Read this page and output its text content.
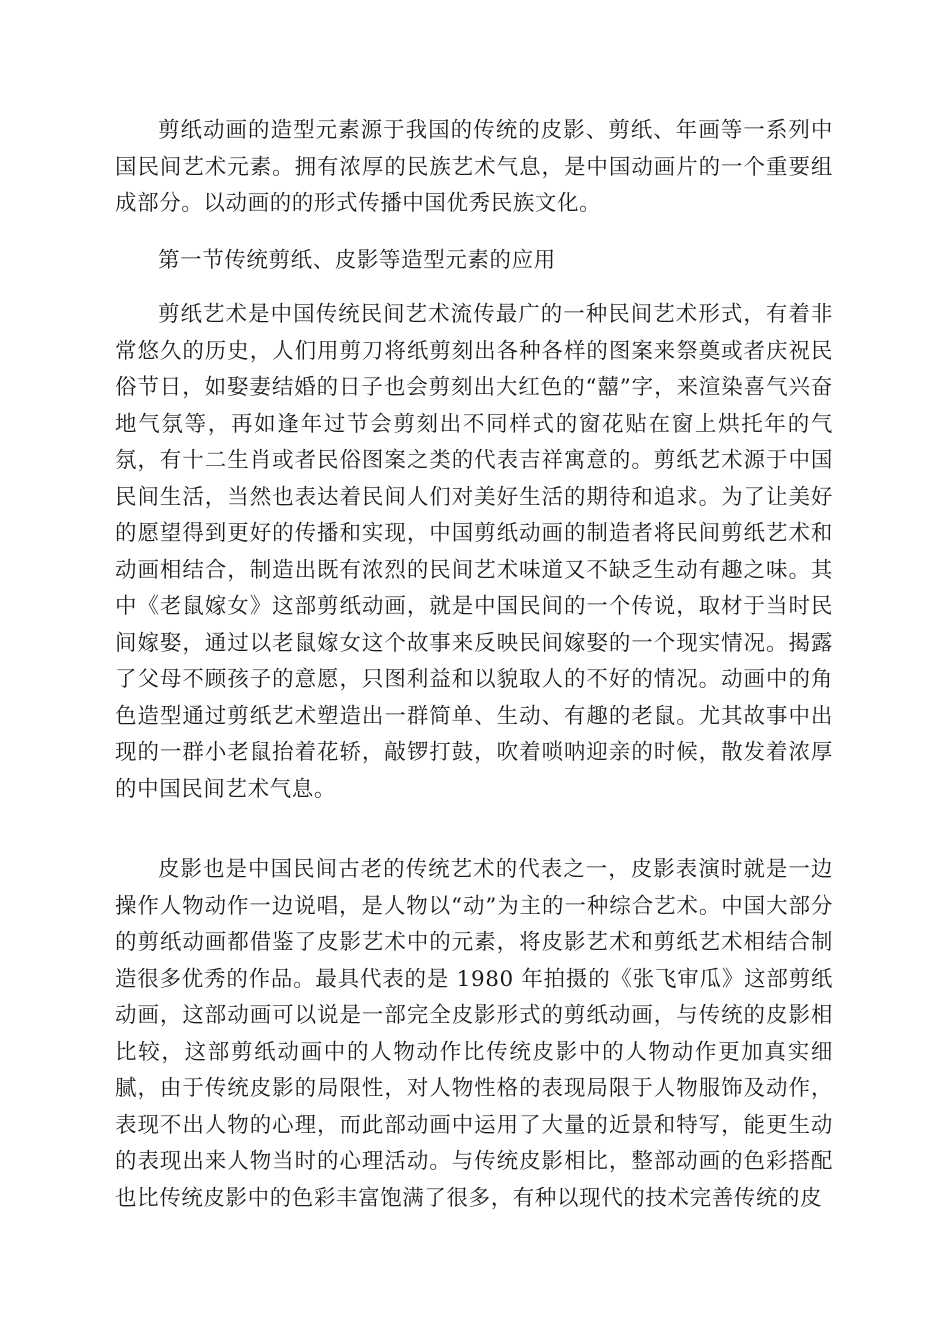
剪纸动画的造型元素源于我国的传统的皮影、剪纸、年画等一系列中国民间艺术元素。拥有浓厚的民族艺术气息，是中国动画片的一个重要组成部分。以动画的的形式传播中国优秀民族文化。

第一节传统剪纸、皮影等造型元素的应用

剪纸艺术是中国传统民间艺术流传最广的一种民间艺术形式，有着非常悠久的历史，人们用剪刀将纸剪刻出各种各样的图案来祭奠或者庆祝民俗节日，如娶妻结婚的日子也会剪刻出大红色的“囍”字，来渲染喜气兴奋地气氛等，再如逢年过节会剪刻出不同样式的窗花贴在窗上烘托年的气氛，有十二生肖或者民俗图案之类的代表吉祥寓意的。剪纸艺术源于中国民间生活，当然也表达着民间人们对美好生活的期待和追求。为了让美好的愿望得到更好的传播和实现，中国剪纸动画的制造者将民间剪纸艺术和动画相结合，制造出既有浓烈的民间艺术味道又不缺乏生动有趣之味。其中《老鼠嫁女》这部剪纸动画，就是中国民间的一个传说，取材于当时民间嫁娶，通过以老鼠嫁女这个故事来反映民间嫁娶的一个现实情况。揭露了父母不顾孩子的意愿，只图利益和以貌取人的不好的情况。动画中的角色造型通过剪纸艺术塑造出一群简单、生动、有趣的老鼠。尤其故事中出现的一群小老鼠抬着花轿，敲锣打鼓，吹着唢呐迎亲的时候，散发着浓厚的中国民间艺术气息。

皮影也是中国民间古老的传统艺术的代表之一，皮影表演时就是一边操作人物动作一边说唱，是人物以“动”为主的一种综合艺术。中国大部分的剪纸动画都借鉴了皮影艺术中的元素，将皮影艺术和剪纸艺术相结合制造很多优秀的作品。最具代表的是 1980 年拍摄的《张飞审瓜》这部剪纸动画，这部动画可以说是一部完全皮影形式的剪纸动画，与传统的皮影相比较，这部剪纸动画中的人物动作比传统皮影中的人物动作更加真实细腻，由于传统皮影的局限性，对人物性格的表现局限于人物服饰及动作，表现不出人物的心理，而此部动画中运用了大量的近景和特写，能更生动的表现出来人物当时的心理活动。与传统皮影相比，整部动画的色彩搭配也比传统皮影中的色彩丰富饱满了很多，有种以现代的技术完善传统的皮
